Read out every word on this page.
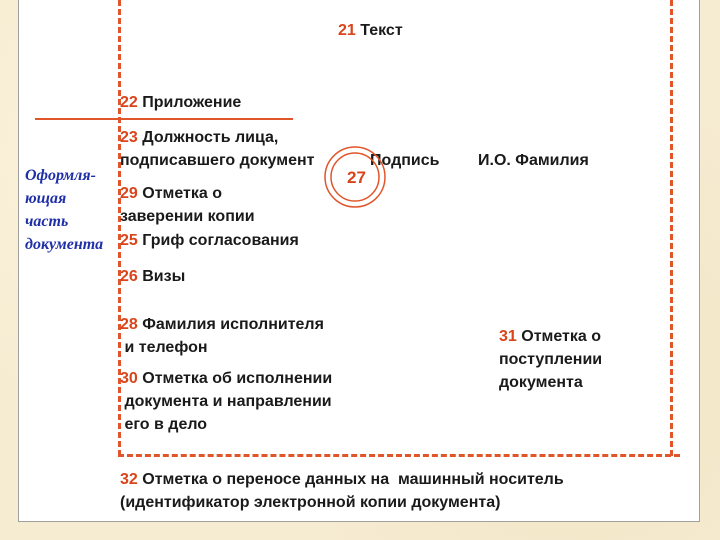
Оформля-
ющая
часть
документа
21 Текст
22 Приложение
23 Должность лица,
подписавшего документ	Подпись И.О. Фамилия
27
29 Отметка о
заверении копии
25 Гриф согласования
26 Визы
28 Фамилия исполнителя
и телефон
30 Отметка об исполнении
документа и направлении
его в дело
31 Отметка о
поступлении
документа
32 Отметка о переносе данных на  машинный носитель
(идентификатор электронной копии документа)
